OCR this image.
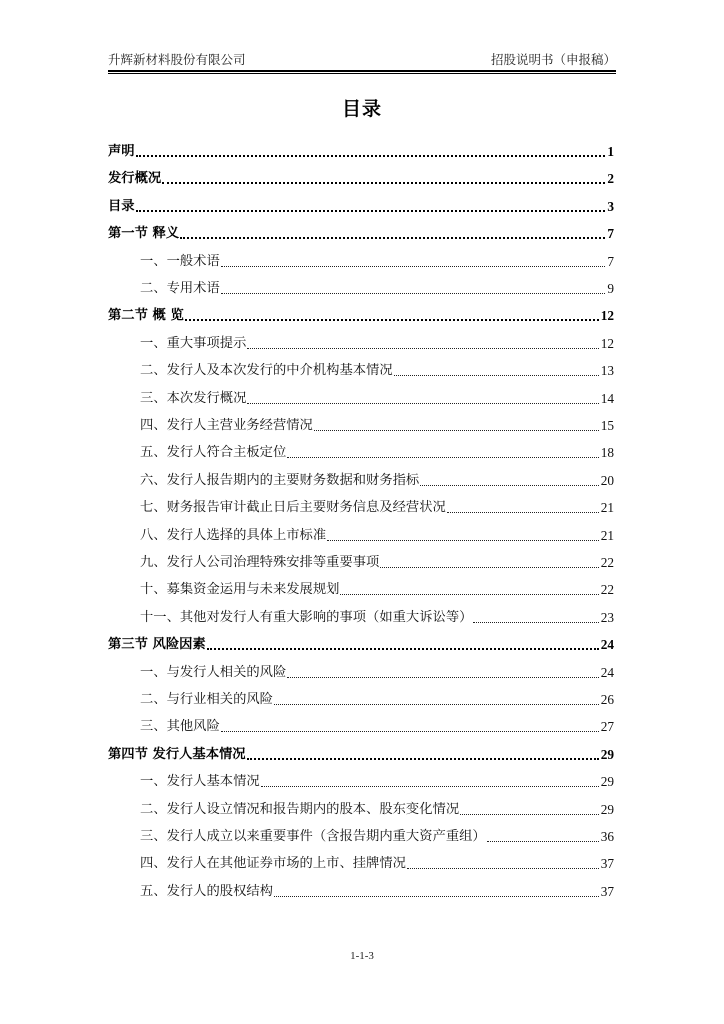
升辉新材料股份有限公司	招股说明书（申报稿）
目录
声明	1
发行概况	2
目录	3
第一节 释义	7
一、一般术语	7
二、专用术语	9
第二节 概 览	12
一、重大事项提示	12
二、发行人及本次发行的中介机构基本情况	13
三、本次发行概况	14
四、发行人主营业务经营情况	15
五、发行人符合主板定位	18
六、发行人报告期内的主要财务数据和财务指标	20
七、财务报告审计截止日后主要财务信息及经营状况	21
八、发行人选择的具体上市标准	21
九、发行人公司治理特殊安排等重要事项	22
十、募集资金运用与未来发展规划	22
十一、其他对发行人有重大影响的事项（如重大诉讼等）	23
第三节 风险因素	24
一、与发行人相关的风险	24
二、与行业相关的风险	26
三、其他风险	27
第四节 发行人基本情况	29
一、发行人基本情况	29
二、发行人设立情况和报告期内的股本、股东变化情况	29
三、发行人成立以来重要事件（含报告期内重大资产重组）	36
四、发行人在其他证券市场的上市、挂牌情况	37
五、发行人的股权结构	37
1-1-3
